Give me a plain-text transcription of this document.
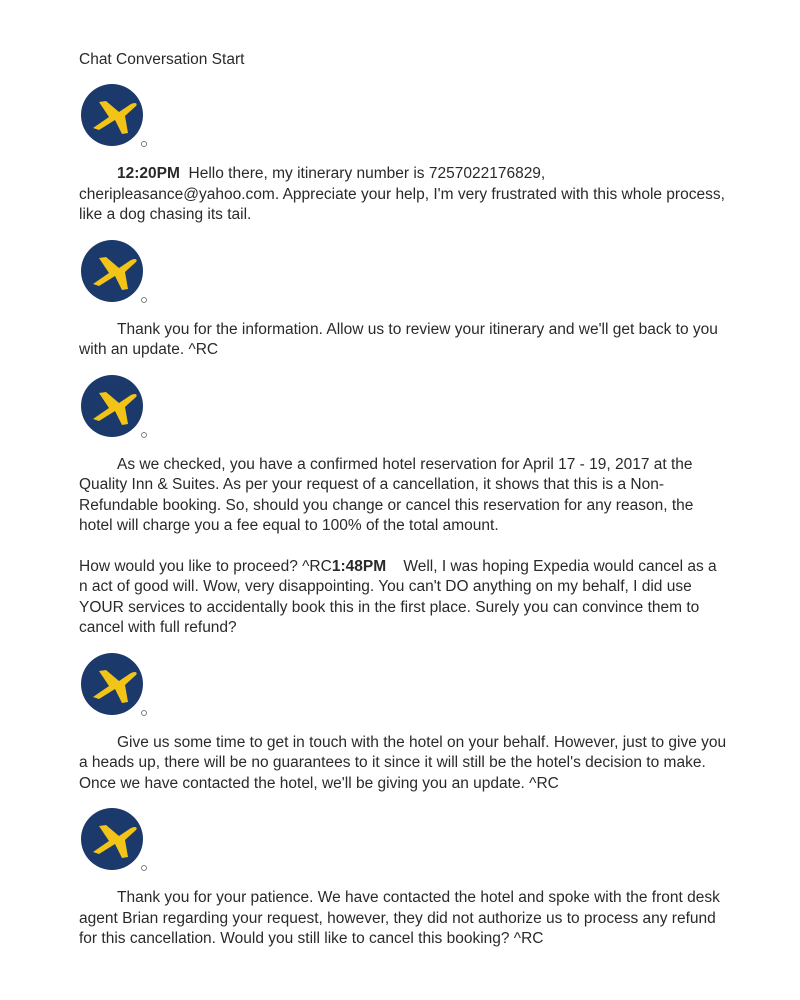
Chat Conversation Start

12:20PM Hello there, my itinerary number is 7257022176829, cheripleasance@yahoo.com. Appreciate your help, I'm very frustrated with this whole process, like a dog chasing its tail.

Thank you for the information. Allow us to review your itinerary and we'll get back to you with an update. ^RC

As we checked, you have a confirmed hotel reservation for April 17 - 19, 2017 at the Quality Inn & Suites. As per your request of a cancellation, it shows that this is a Non-Refundable booking. So, should you change or cancel this reservation for any reason, the hotel will charge you a fee equal to 100% of the total amount.

How would you like to proceed? ^RC1:48PM Well, I was hoping Expedia would cancel as a n act of good will. Wow, very disappointing. You can't DO anything on my behalf, I did use YOUR services to accidentally book this in the first place. Surely you can convince them to cancel with full refund?

Give us some time to get in touch with the hotel on your behalf. However, just to give you a heads up, there will be no guarantees to it since it will still be the hotel's decision to make. Once we have contacted the hotel, we'll be giving you an update. ^RC

Thank you for your patience. We have contacted the hotel and spoke with the front desk agent Brian regarding your request, however, they did not authorize us to process any refund for this cancellation. Would you still like to cancel this booking? ^RC
